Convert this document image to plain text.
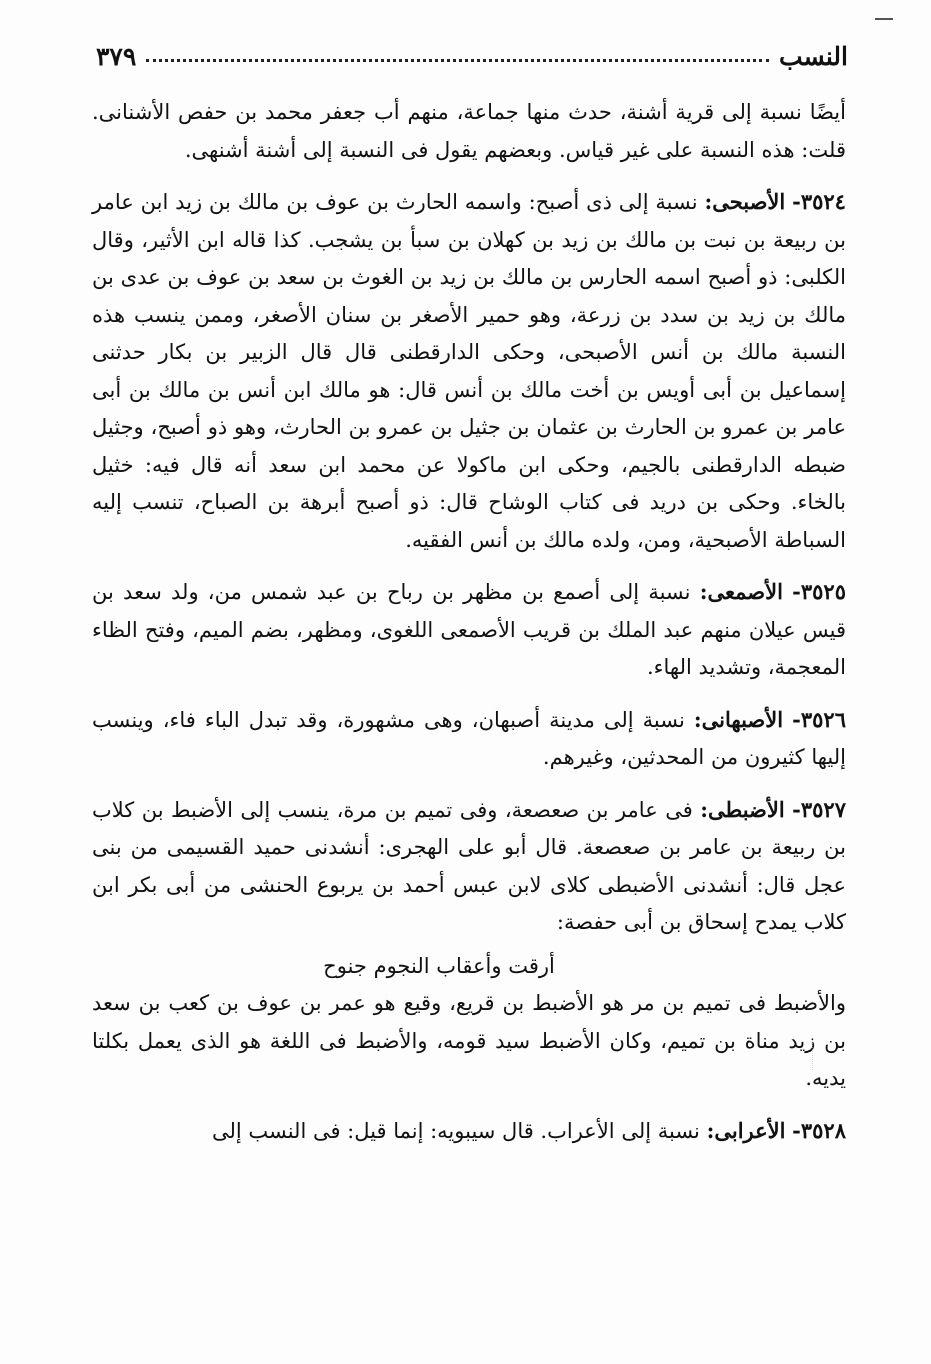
النسب
٣٧٩

أيضًا نسبة إلى قرية أشنة، حدث منها جماعة، منهم أب جعفر محمد بن حفص الأشنانى. قلت: هذه النسبة على غير قياس. وبعضهم يقول فى النسبة إلى أشنة أشنهى.

٣٥٢٤- الأصبحى: نسبة إلى ذى أصبح: واسمه الحارث بن عوف بن مالك بن زيد ابن عامر بن ربيعة بن نبت بن مالك بن زيد بن كهلان بن سبأ بن يشجب. كذا قاله ابن الأثير، وقال الكلبى: ذو أصبح اسمه الحارس بن مالك بن زيد بن الغوث بن سعد بن عوف بن عدى بن مالك بن زيد بن سدد بن زرعة، وهو حمير الأصغر بن سنان الأصغر، وممن ينسب هذه النسبة مالك بن أنس الأصبحى، وحكى الدارقطنى قال قال الزبير بن بكار حدثنى إسماعيل بن أبى أويس بن أخت مالك بن أنس قال: هو مالك ابن أنس بن مالك بن أبى عامر بن عمرو بن الحارث بن عثمان بن جثيل بن عمرو بن الحارث، وهو ذو أصبح، وجثيل ضبطه الدارقطنى بالجيم، وحكى ابن ماكولا عن محمد ابن سعد أنه قال فيه: خثيل بالخاء. وحكى بن دريد فى كتاب الوشاح قال: ذو أصبح أبرهة بن الصباح، تنسب إليه السباطة الأصبحية، ومن، ولده مالك بن أنس الفقيه.

٣٥٢٥- الأصمعى: نسبة إلى أصمع بن مظهر بن رباح بن عبد شمس من، ولد سعد بن قيس عيلان منهم عبد الملك بن قريب الأصمعى اللغوى، ومظهر، بضم الميم، وفتح الظاء المعجمة، وتشديد الهاء.

٣٥٢٦- الأصبهانى: نسبة إلى مدينة أصبهان، وهى مشهورة، وقد تبدل الباء فاء، وينسب إليها كثيرون من المحدثين، وغيرهم.

٣٥٢٧- الأضبطى: فى عامر بن صعصعة، وفى تميم بن مرة، ينسب إلى الأضبط بن كلاب بن ربيعة بن عامر بن صعصعة. قال أبو على الهجرى: أنشدنى حميد القسيمى من بنى عجل قال: أنشدنى الأضبطى كلاى لابن عبس أحمد بن يربوع الحنشى من أبى بكر ابن كلاب يمدح إسحاق بن أبى حفصة:

أرقت وأعقاب النجوم جنوح

والأضبط فى تميم بن مر هو الأضبط بن قريع، وقيع هو عمر بن عوف بن كعب بن سعد بن زيد مناة بن تميم، وكان الأضبط سيد قومه، والأضبط فى اللغة هو الذى يعمل بكلتا يديه.

٣٥٢٨- الأعرابى: نسبة إلى الأعراب. قال سيبويه: إنما قيل: فى النسب إلى
